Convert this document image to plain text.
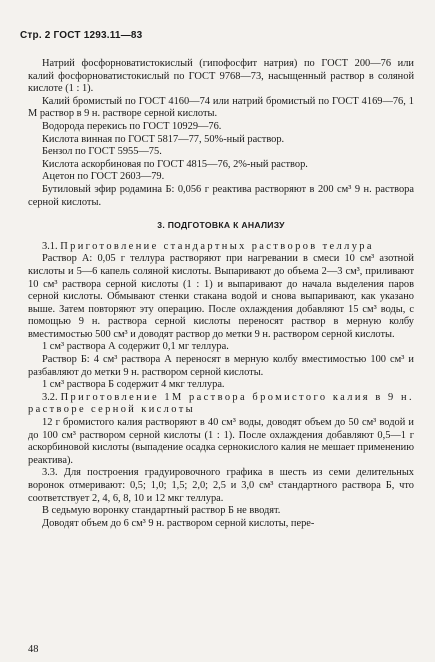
Стр. 2 ГОСТ 1293.11—83

Натрий фосфорноватистокислый (гипофосфит натрия) по ГОСТ 200—76 или калий фосфорноватистокислый по ГОСТ 9768—73, насыщенный раствор в соляной кислоте (1 : 1).

Калий бромистый по ГОСТ 4160—74 или натрий бромистый по ГОСТ 4169—76, 1 М раствор в 9 н. растворе серной кислоты.

Водорода перекись по ГОСТ 10929—76.

Кислота винная по ГОСТ 5817—77, 50%-ный раствор.

Бензол по ГОСТ 5955—75.

Кислота аскорбиновая по ГОСТ 4815—76, 2%-ный раствор.

Ацетон по ГОСТ 2603—79.

Бутиловый эфир родамина Б: 0,056 г реактива растворяют в 200 см³ 9 н. раствора серной кислоты.

3. ПОДГОТОВКА К АНАЛИЗУ

3.1. Приготовление стандартных растворов теллура

Раствор А: 0,05 г теллура растворяют при нагревании в смеси 10 см³ азотной кислоты и 5—6 капель соляной кислоты. Выпаривают до объема 2—3 см³, приливают 10 см³ раствора серной кислоты (1 : 1) и выпаривают до начала выделения паров серной кислоты. Обмывают стенки стакана водой и снова выпаривают, как указано выше. Затем повторяют эту операцию. После охлаждения добавляют 15 см³ воды, с помощью 9 н. раствора серной кислоты переносят раствор в мерную колбу вместимостью 500 см³ и доводят раствор до метки 9 н. раствором серной кислоты.

1 см³ раствора А содержит 0,1 мг теллура.

Раствор Б: 4 см³ раствора А переносят в мерную колбу вместимостью 100 см³ и разбавляют до метки 9 н. раствором серной кислоты.

1 см³ раствора Б содержит 4 мкг теллура.

3.2. Приготовление 1М раствора бромистого калия в 9 н. растворе серной кислоты

12 г бромистого калия растворяют в 40 см³ воды, доводят объем до 50 см³ водой и до 100 см³ раствором серной кислоты (1 : 1). После охлаждения добавляют 0,5—1 г аскорбиновой кислоты (выпадение осадка сернокислого калия не мешает применению реактива).

3.3. Для построения градуировочного графика в шесть из семи делительных воронок отмеривают: 0,5; 1,0; 1,5; 2,0; 2,5 и 3,0 см³ стандартного раствора Б, что соответствует 2, 4, 6, 8, 10 и 12 мкг теллура.

В седьмую воронку стандартный раствор Б не вводят.

Доводят объем до 6 см³ 9 н. раствором серной кислоты, пере-

48
